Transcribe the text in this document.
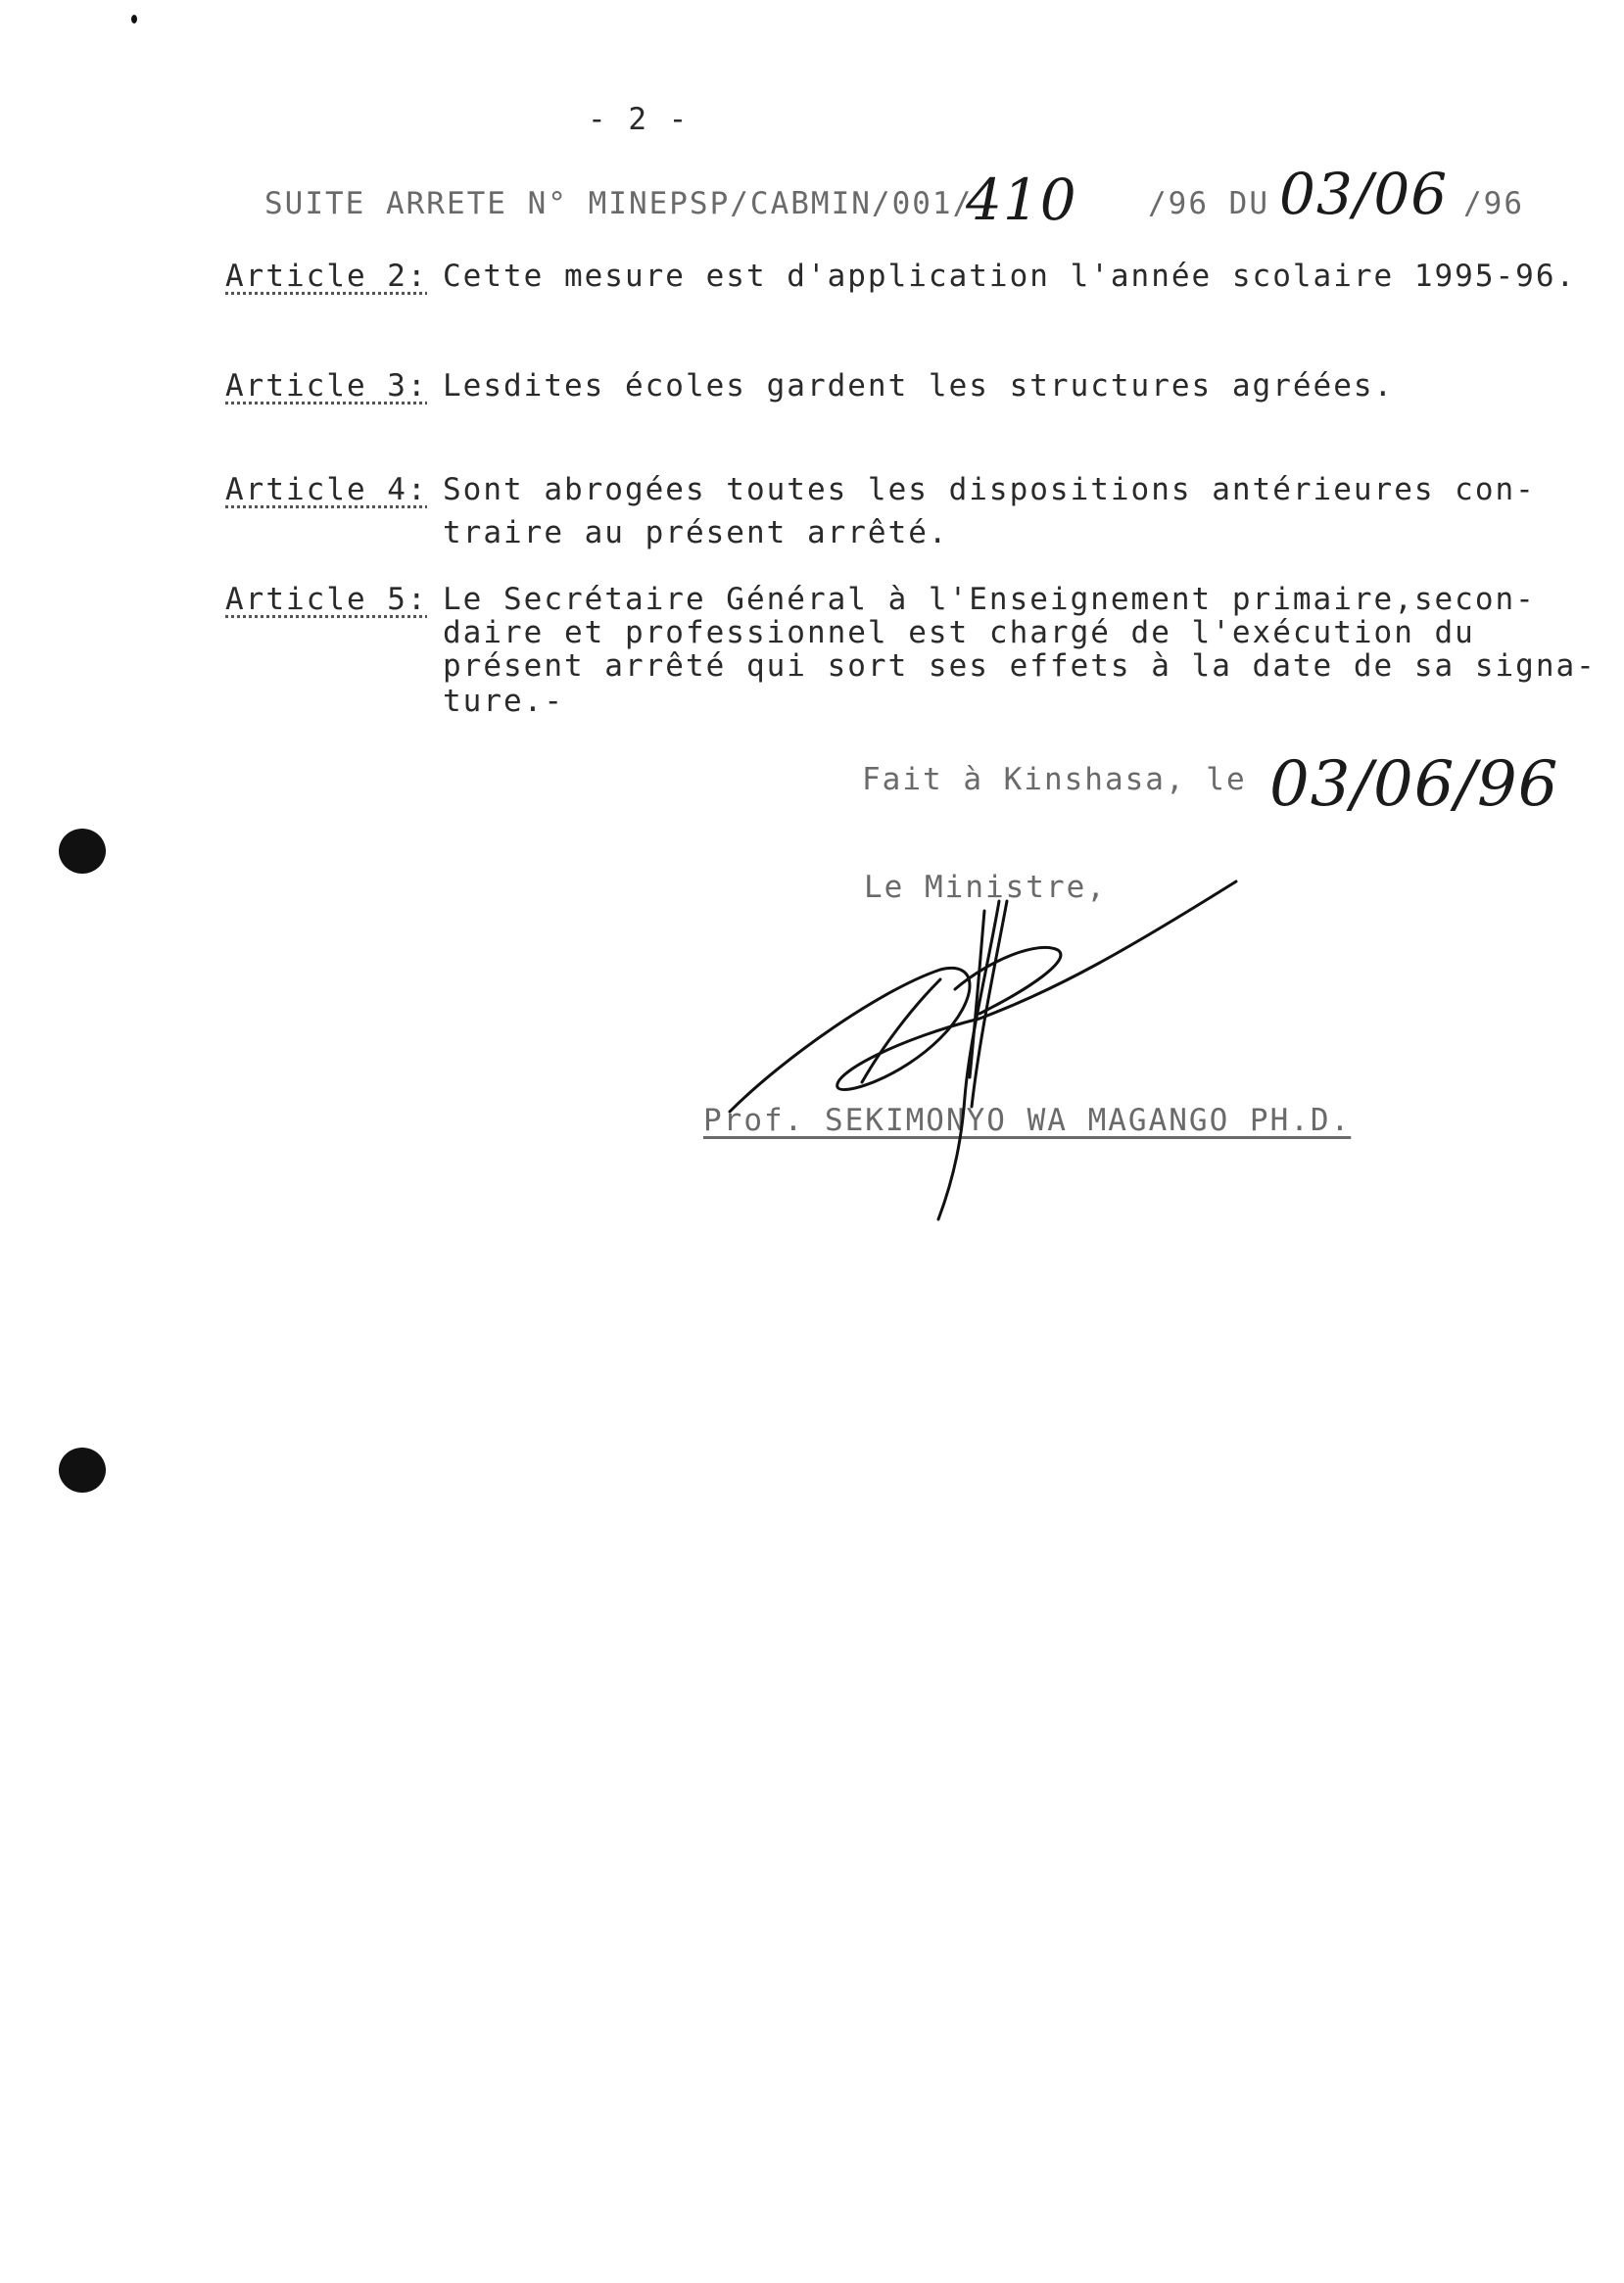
- 2 -
SUITE ARRETE N° MINEPSP/CABMIN/001/
410 /96 DU 03/06 /96
Article 2: Cette mesure est d'application l'année scolaire 1995-96.
Article 3: Lesdites écoles gardent les structures agréées.
Article 4: Sont abrogées toutes les dispositions antérieures con-
traire au présent arrêté.
Article 5: Le Secrétaire Général à l'Enseignement primaire,secon-
daire et professionnel est chargé de l'exécution du
présent arrêté qui sort ses effets à la date de sa signa-
ture.-
Fait à Kinshasa, le 03/06/96
Le Ministre,
Prof. SEKIMONYO WA MAGANGO PH.D.
